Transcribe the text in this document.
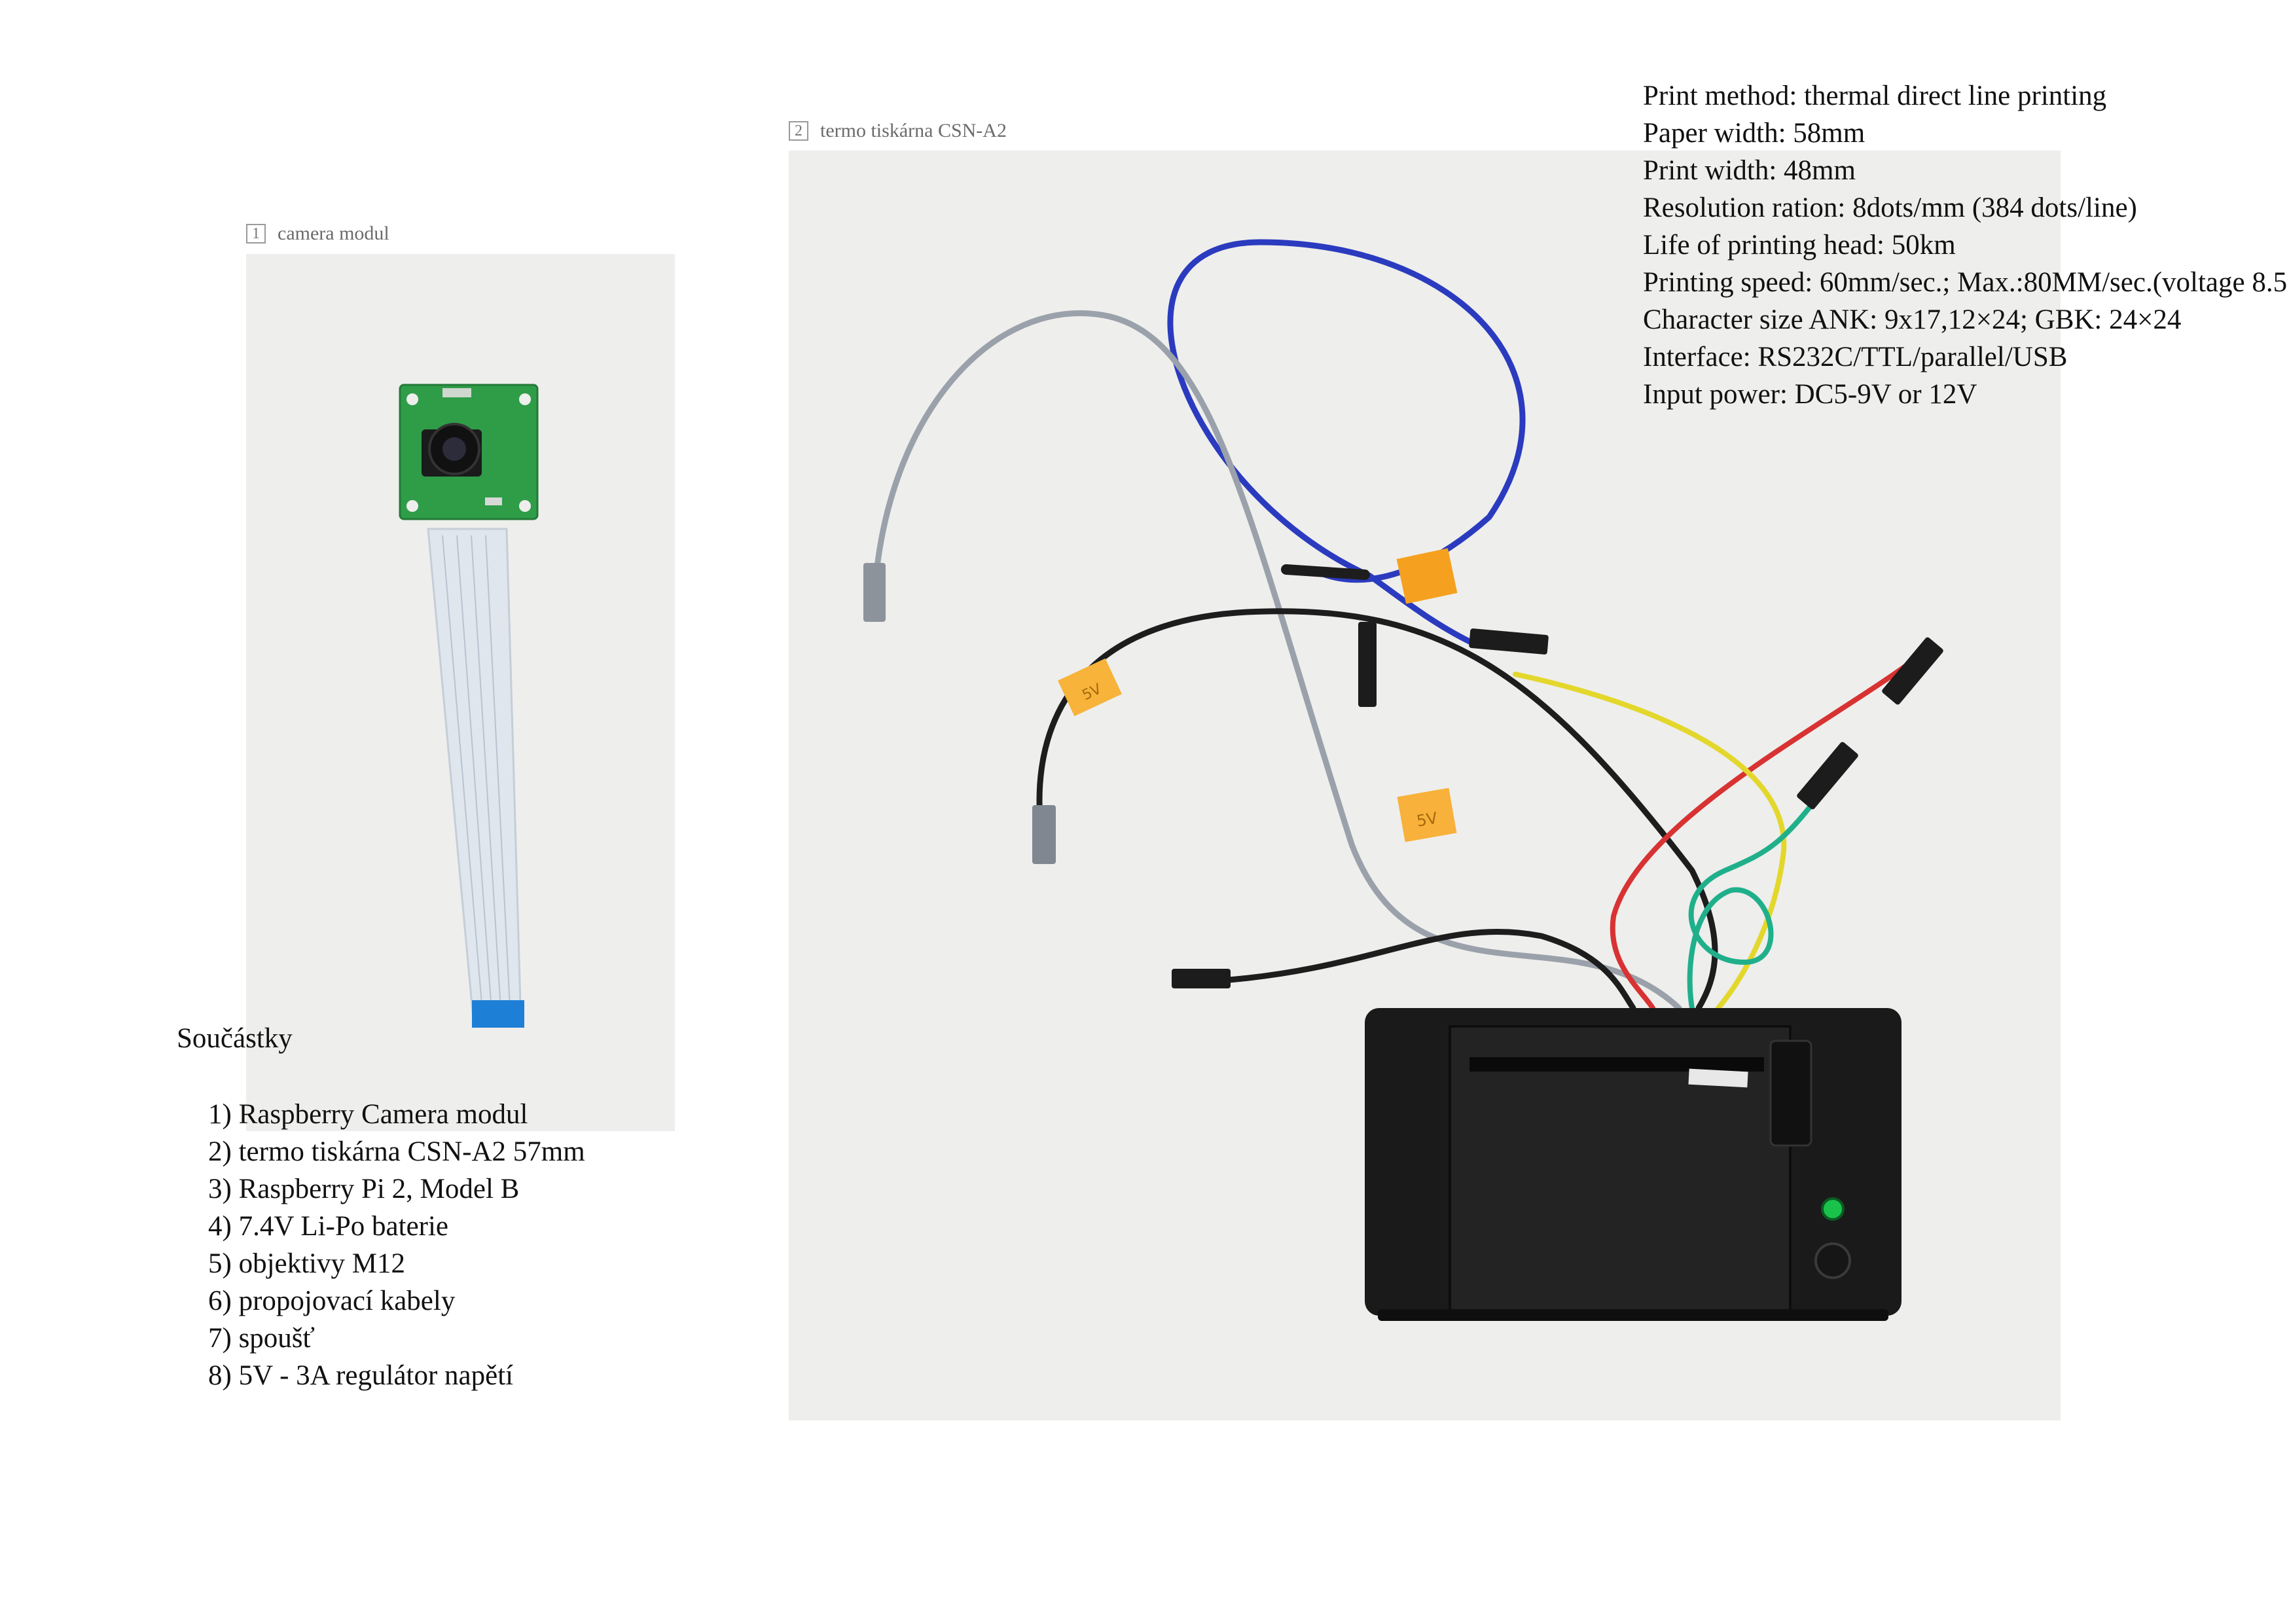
1 camera modul
2 termo tiskárna CSN-A2
5V
5V
Print method: thermal direct line printing
Paper width: 58mm
Print width: 48mm
Resolution ration: 8dots/mm (384 dots/line)
Life of printing head: 50km
Printing speed: 60mm/sec.; Max.:80MM/sec.(voltage 8.5
Character size ANK: 9x17,12×24; GBK: 24×24
Interface: RS232C/TTL/parallel/USB
Input power: DC5-9V or 12V
Součástky
1) Raspberry Camera modul
2) termo tiskárna CSN-A2 57mm
3) Raspberry Pi 2, Model B
4) 7.4V Li-Po baterie
5) objektivy M12
6) propojovací kabely
7) spoušť
8) 5V - 3A regulátor napětí
